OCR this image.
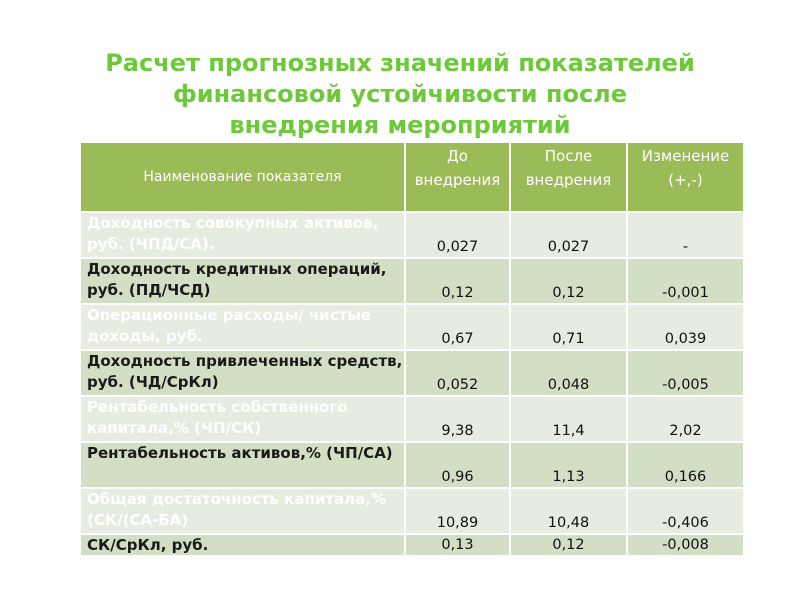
Расчет прогнозных значений показателей
финансовой устойчивости после
внедрения мероприятий
Наименование показателя	До внедрения	После внедрения	Изменение (+,-)

Доходность совокупных активов, руб. (ЧПД/СА).	0,027	0,027	-

Доходность кредитных операций, руб. (ПД/ЧСД)	0,12	0,12	-0,001

Операционные расходы/ чистые доходы, руб.	0,67	0,71	0,039

Доходность привлеченных средств, руб. (ЧД/СрКл)	0,052	0,048	-0,005

Рентабельность собственного капитала,% (ЧП/СК)	9,38	11,4	2,02

Рентабельность активов,% (ЧП/СА)	0,96	1,13	0,166

Общая достаточность капитала,% (СК/(СА-БА)	10,89	10,48	-0,406

СК/СрКл, руб.	0,13	0,12	-0,008
